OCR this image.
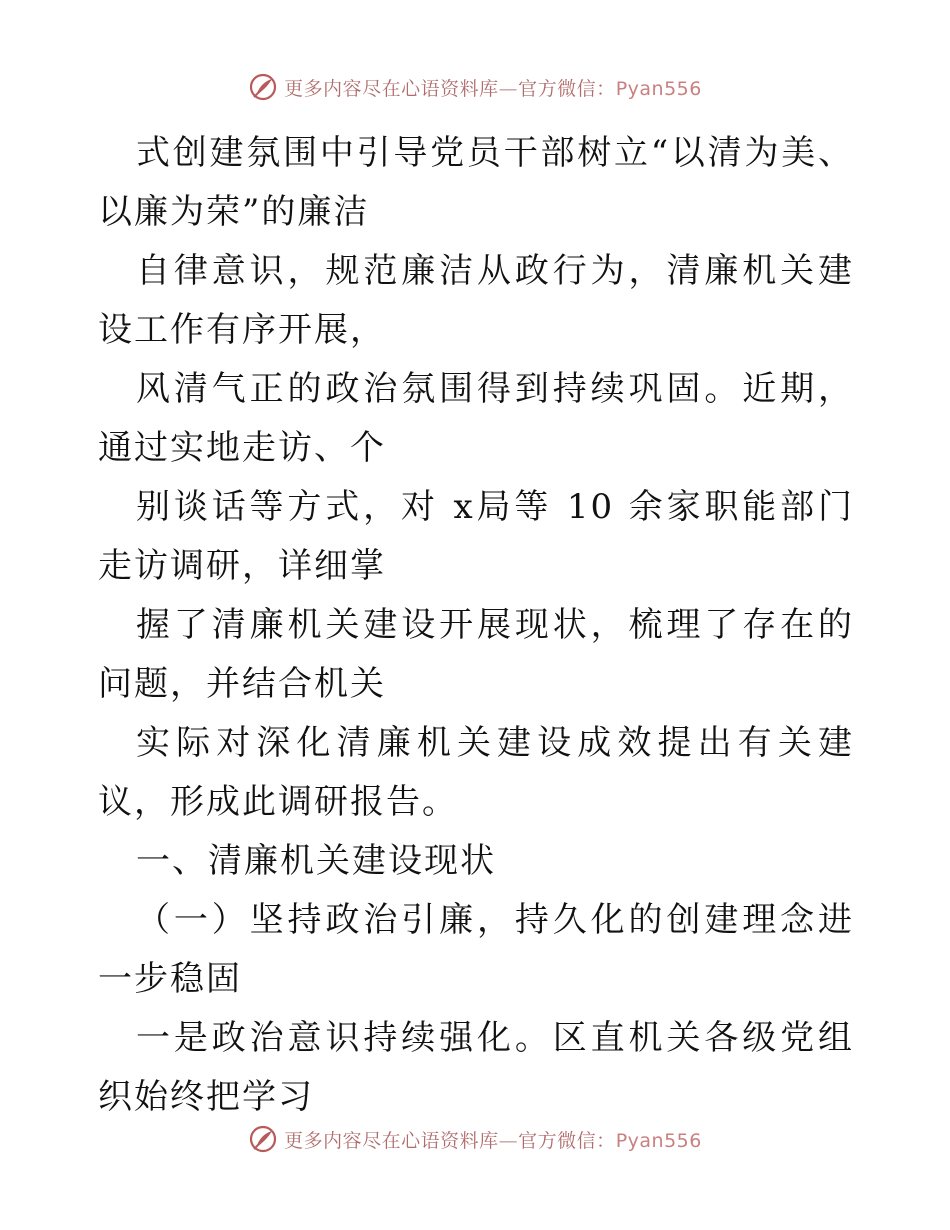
更多内容尽在心语资料库—官方微信：Pyan556

式创建氛围中引导党员干部树立“以清为美、以廉为荣”的廉洁

自律意识，规范廉洁从政行为，清廉机关建设工作有序开展，

风清气正的政治氛围得到持续巩固。近期，通过实地走访、个

别谈话等方式，对 x局等 10 余家职能部门走访调研，详细掌

握了清廉机关建设开展现状，梳理了存在的问题，并结合机关

实际对深化清廉机关建设成效提出有关建议，形成此调研报告。

一、清廉机关建设现状

（一）坚持政治引廉，持久化的创建理念进一步稳固

一是政治意识持续强化。区直机关各级党组织始终把学习

更多内容尽在心语资料库—官方微信：Pyan556
